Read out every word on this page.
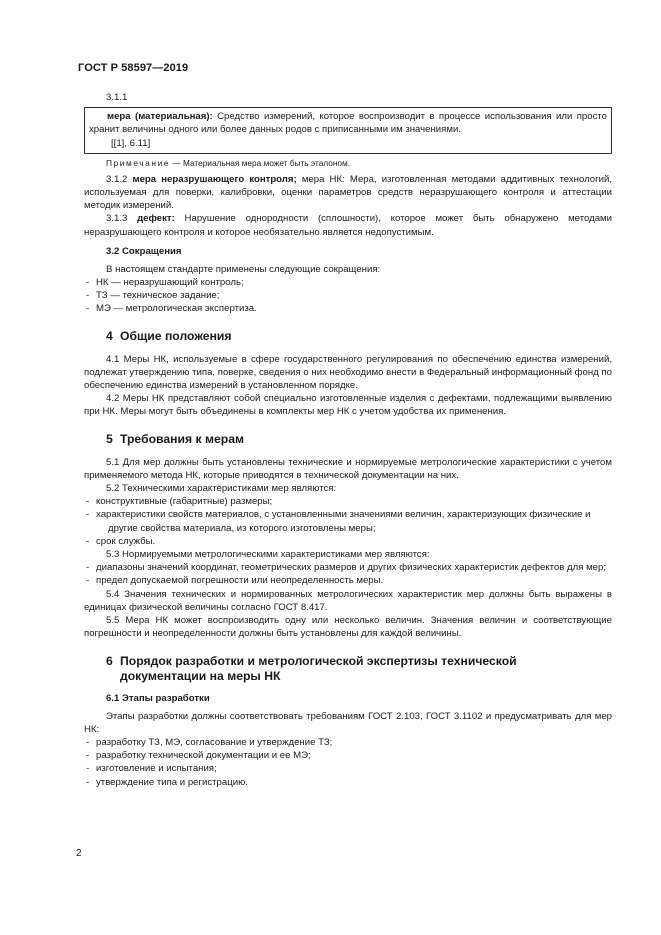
ГОСТ Р 58597—2019
3.1.1

мера (материальная): Средство измерений, которое воспроизводит в процессе использования или просто хранит величины одного или более данных родов с приписанными им значениями.

[[1], 6.11]
Примечание — Материальная мера может быть эталоном.

3.1.2 мера неразрушающего контроля; мера НК: Мера, изготовленная методами аддитивных технологий, используемая для поверки, калибровки, оценки параметров средств неразрушающего контроля и аттестации методик измерений.

3.1.3 дефект: Нарушение однородности (сплошности), которое может быть обнаружено методами неразрушающего контроля и которое необязательно является недопустимым.

3.2 Сокращения

В настоящем стандарте применены следующие сокращения:

- НК — неразрушающий контроль;
- ТЗ — техническое задание;
- МЭ — метрологическая экспертиза.
4 Общие положения

4.1 Меры НК, используемые в сфере государственного регулирования по обеспечению единства измерений, подлежат утверждению типа, поверке, сведения о них необходимо внести в Федеральный информационный фонд по обеспечению единства измерений в установленном порядке.

4.2 Меры НК представляют собой специально изготовленные изделия с дефектами, подлежащими выявлению при НК. Меры могут быть объединены в комплекты мер НК с учетом удобства их применения.

5 Требования к мерам

5.1 Для мер должны быть установлены технические и нормируемые метрологические характеристики с учетом применяемого метода НК, которые приводятся в технической документации на них.

5.2 Техническими характеристиками мер являются:

- конструктивные (габаритные) размеры;
- характеристики свойств материалов, с установленными значениями величин, характеризующих физические и другие свойства материала, из которого изготовлены меры;
- срок службы.

5.3 Нормируемыми метрологическими характеристиками мер являются:

- диапазоны значений координат, геометрических размеров и других физических характеристик дефектов для мер;
- предел допускаемой погрешности или неопределенность меры.

5.4 Значения технических и нормированных метрологических характеристик мер должны быть выражены в единицах физической величины согласно ГОСТ 8.417.

5.5 Мера НК может воспроизводить одну или несколько величин. Значения величин и соответствующие погрешности и неопределенности должны быть установлены для каждой величины.

6 Порядок разработки и метрологической экспертизы технической
документации на меры НК
6.1 Этапы разработки

Этапы разработки должны соответствовать требованиям ГОСТ 2.103, ГОСТ 3.1102 и предусматривать для мер НК:

- разработку ТЗ, МЭ, согласование и утверждение ТЗ;
- разработку технической документации и ее МЭ;
- изготовление и испытания;
- утверждение типа и регистрацию.
2
